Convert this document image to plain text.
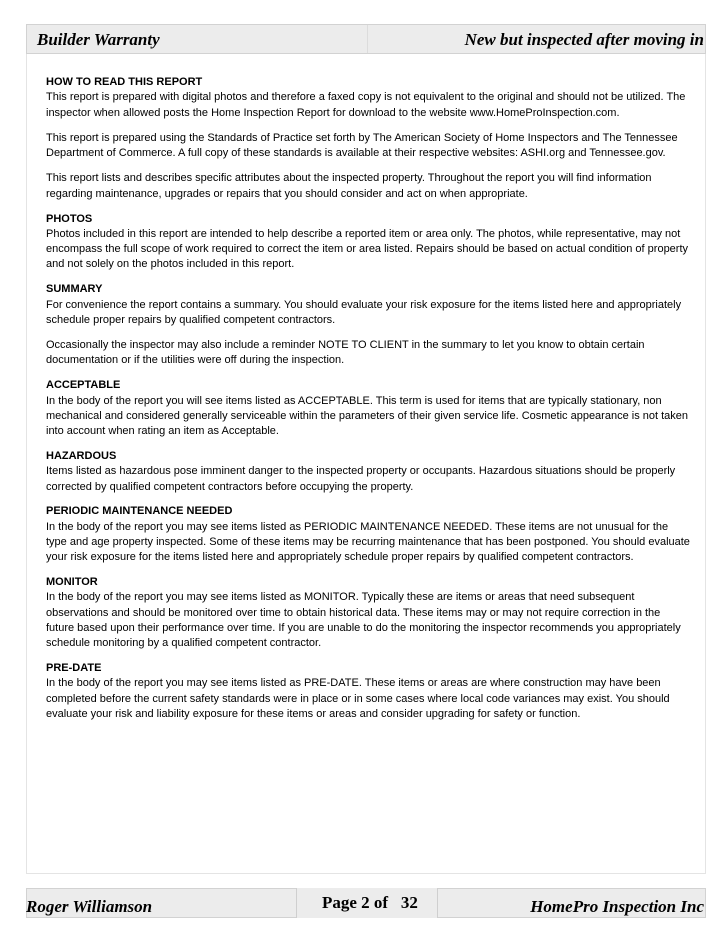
Builder Warranty	New but inspected after moving in
HOW TO READ THIS REPORT
This report is prepared with digital photos and therefore a faxed copy is not equivalent to the original and should not be utilized. The inspector when allowed posts the Home Inspection Report for download to the website www.HomeProInspection.com.
This report is prepared using the Standards of Practice set forth by The American Society of Home Inspectors and The Tennessee Department of Commerce. A full copy of these standards is available at their respective websites: ASHI.org and Tennessee.gov.
This report lists and describes specific attributes about the inspected property. Throughout the report you will find information regarding maintenance, upgrades or repairs that you should consider and act on when appropriate.
PHOTOS
Photos included in this report are intended to help describe a reported item or area only. The photos, while representative, may not encompass the full scope of work required to correct the item or area listed. Repairs should be based on actual condition of property and not solely on the photos included in this report.
SUMMARY
For convenience the report contains a summary. You should evaluate your risk exposure for the items listed here and appropriately schedule proper repairs by qualified competent contractors.
Occasionally the inspector may also include a reminder NOTE TO CLIENT in the summary to let you know to obtain certain documentation or if the utilities were off during the inspection.
ACCEPTABLE
In the body of the report you will see items listed as ACCEPTABLE. This term is used for items that are typically stationary, non mechanical and considered generally serviceable within the parameters of their given service life. Cosmetic appearance is not taken into account when rating an item as Acceptable.
HAZARDOUS
Items listed as hazardous pose imminent danger to the inspected property or occupants. Hazardous situations should be properly corrected by qualified competent contractors before occupying the property.
PERIODIC MAINTENANCE NEEDED
In the body of the report you may see items listed as PERIODIC MAINTENANCE NEEDED. These items are not unusual for the type and age property inspected. Some of these items may be recurring maintenance that has been postponed. You should evaluate your risk exposure for the items listed here and appropriately schedule proper repairs by qualified competent contractors.
MONITOR
In the body of the report you may see items listed as MONITOR. Typically these are items or areas that need subsequent observations and should be monitored over time to obtain historical data. These items may or may not require correction in the future based upon their performance over time. If you are unable to do the monitoring the inspector recommends you appropriately schedule monitoring by a qualified competent contractor.
PRE-DATE
In the body of the report you may see items listed as PRE-DATE. These items or areas are where construction may have been completed before the current safety standards were in place or in some cases where local code variances may exist. You should evaluate your risk and liability exposure for these items or areas and consider upgrading for safety or function.
Roger Williamson	Page 2 of   32	HomePro Inspection Inc
